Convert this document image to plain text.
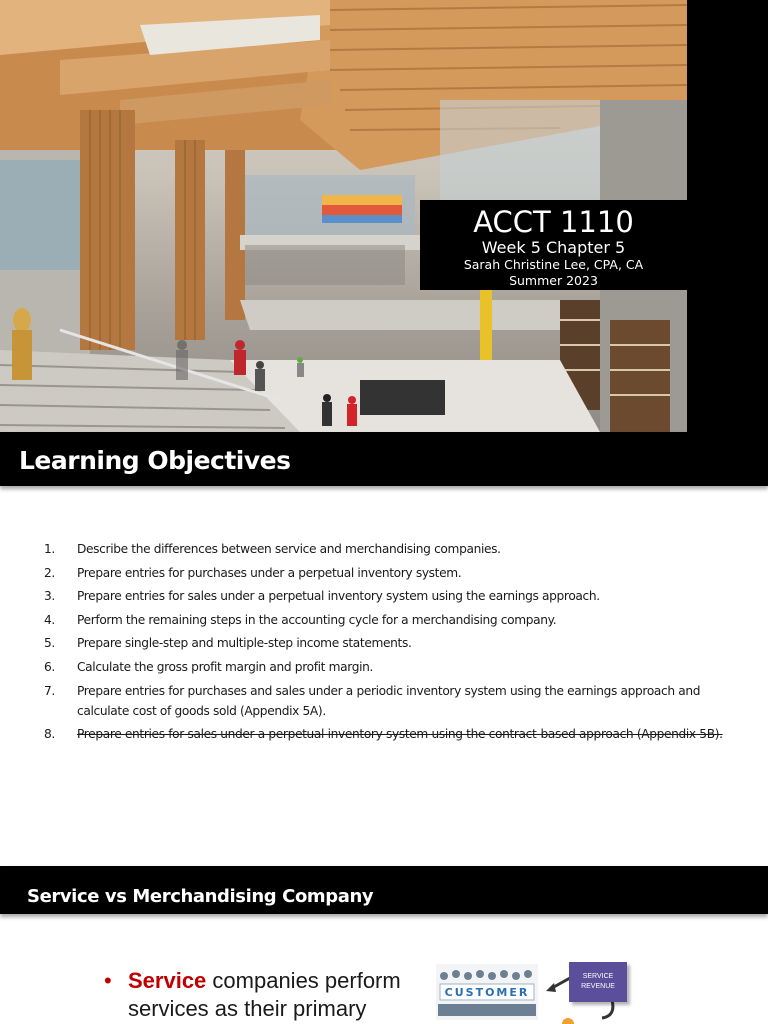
ACCT 1110
Week 5 Chapter 5
Sarah Christine Lee, CPA, CA
Summer 2023
Learning Objectives
1. Describe the differences between service and merchandising companies.
2. Prepare entries for purchases under a perpetual inventory system.
3. Prepare entries for sales under a perpetual inventory system using the earnings approach.
4. Perform the remaining steps in the accounting cycle for a merchandising company.
5. Prepare single-step and multiple-step income statements.
6. Calculate the gross profit margin and profit margin.
7. Prepare entries for purchases and sales under a periodic inventory system using the earnings approach and calculate cost of goods sold (Appendix 5A).
8. Prepare entries for sales under a perpetual inventory system using the contract-based approach (Appendix 5B).
Service vs Merchandising Company
• Service companies perform services as their primary
CUSTOMER
SERVICE REVENUE
